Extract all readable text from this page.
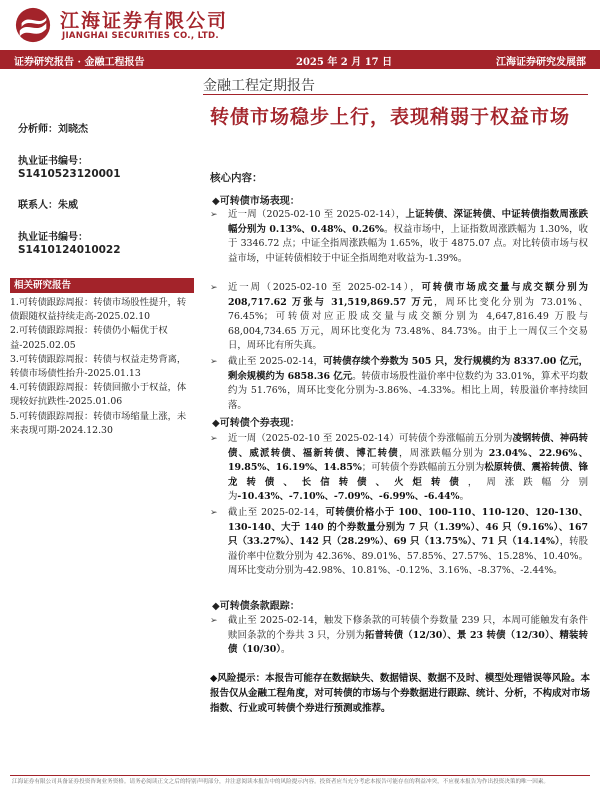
江海证券有限公司
JIANGHAI SECURITIES CO., LTD.
证券研究报告 · 金融工程报告	2025 年 2 月 17 日	江海证券研究发展部
金融工程定期报告
转债市场稳步上行，表现稍弱于权益市场
分析师：刘晓杰
执业证书编号：
S1410523120001
联系人：朱威
执业证书编号：
S1410124010022
相关研究报告
1.可转债跟踪周报：转债市场股性提升，转债跟随权益持续走高-2025.02.10
2.可转债跟踪周报：转债仍小幅优于权益-2025.02.05
3.可转债跟踪周报：转债与权益走势背离，转债市场债性抬升-2025.01.13
4.可转债跟踪周报：转债回撤小于权益，体现较好抗跌性-2025.01.06
5.可转债跟踪周报：转债市场缩量上涨，未来表现可期-2024.12.30
核心内容：
◆可转债市场表现：
➢	近一周（2025-02-10 至 2025-02-14），上证转债、深证转债、中证转债指数周涨跌幅分别为 0.13%、0.48%、0.26%。权益市场中，上证指数周涨跌幅为 1.30%，收于 3346.72 点；中证全指周涨跌幅为 1.65%，收于 4875.07 点。对比转债市场与权益市场，中证转债相较于中证全指周绝对收益为-1.39%。
➢	近一周（2025-02-10 至 2025-02-14），可转债市场成交量与成交额分别为 208,717.62 万张与 31,519,869.57 万元，周环比变化分别为 73.01%、76.45%；可转债对应正股成交量与成交额分别为 4,647,816.49 万股与 68,004,734.65 万元，周环比变化为 73.48%、84.73%。由于上一周仅三个交易日，周环比有所失真。
➢	截止至 2025-02-14，可转债存续个券数为 505 只，发行规模约为 8337.00 亿元，剩余规模约为 6858.36 亿元。转债市场股性溢价率中位数约为 33.01%，算术平均数约为 51.76%，周环比变化分别为-3.86%、-4.33%。相比上周，转股溢价率持续回落。
◆可转债个券表现：
➢	近一周（2025-02-10 至 2025-02-14）可转债个券涨幅前五分别为凌钢转债、神码转债、威派转债、福新转债、博汇转债，周涨跌幅分别为 23.04%、22.96%、19.85%、16.19%、14.85%；可转债个券跌幅前五分别为松原转债、震裕转债、锋龙转债、长信转债、火炬转债，周涨跌幅分别为-10.43%、-7.10%、-7.09%、-6.99%、-6.44%。
➢	截止至 2025-02-14，可转债价格小于 100、100-110、110-120、120-130、130-140、大于 140 的个券数量分别为 7 只（1.39%）、46 只（9.16%）、167 只（33.27%）、142 只（28.29%）、69 只（13.75%）、71 只（14.14%），转股溢价率中位数分别为 42.36%、89.01%、57.85%、27.57%、15.28%、10.40%。周环比变动分别为-42.98%、10.81%、-0.12%、3.16%、-8.37%、-2.44%。
◆可转债条款跟踪：
➢	截止至 2025-02-14，触发下修条款的可转债个券数量 239 只，本周可能触发有条件赎回条款的个券共 3 只，分别为拓普转债（12/30）、景 23 转债（12/30）、精装转债（10/30）。
◆风险提示：本报告可能存在数据缺失、数据错误、数据不及时、模型处理错误等风险。本报告仅从金融工程角度，对可转债的市场与个券数据进行跟踪、统计、分析，不构成对市场指数、行业或可转债个券进行预测或推荐。
江海证券有限公司具备证券投资咨询业务资格。请务必阅读正文之后的特别声明部分，并注意阅读本报告中的风险提示内容。投资者应当充分考虑本报告可能存在的利益冲突，不应视本报告为作出投资决策的唯一因素。
